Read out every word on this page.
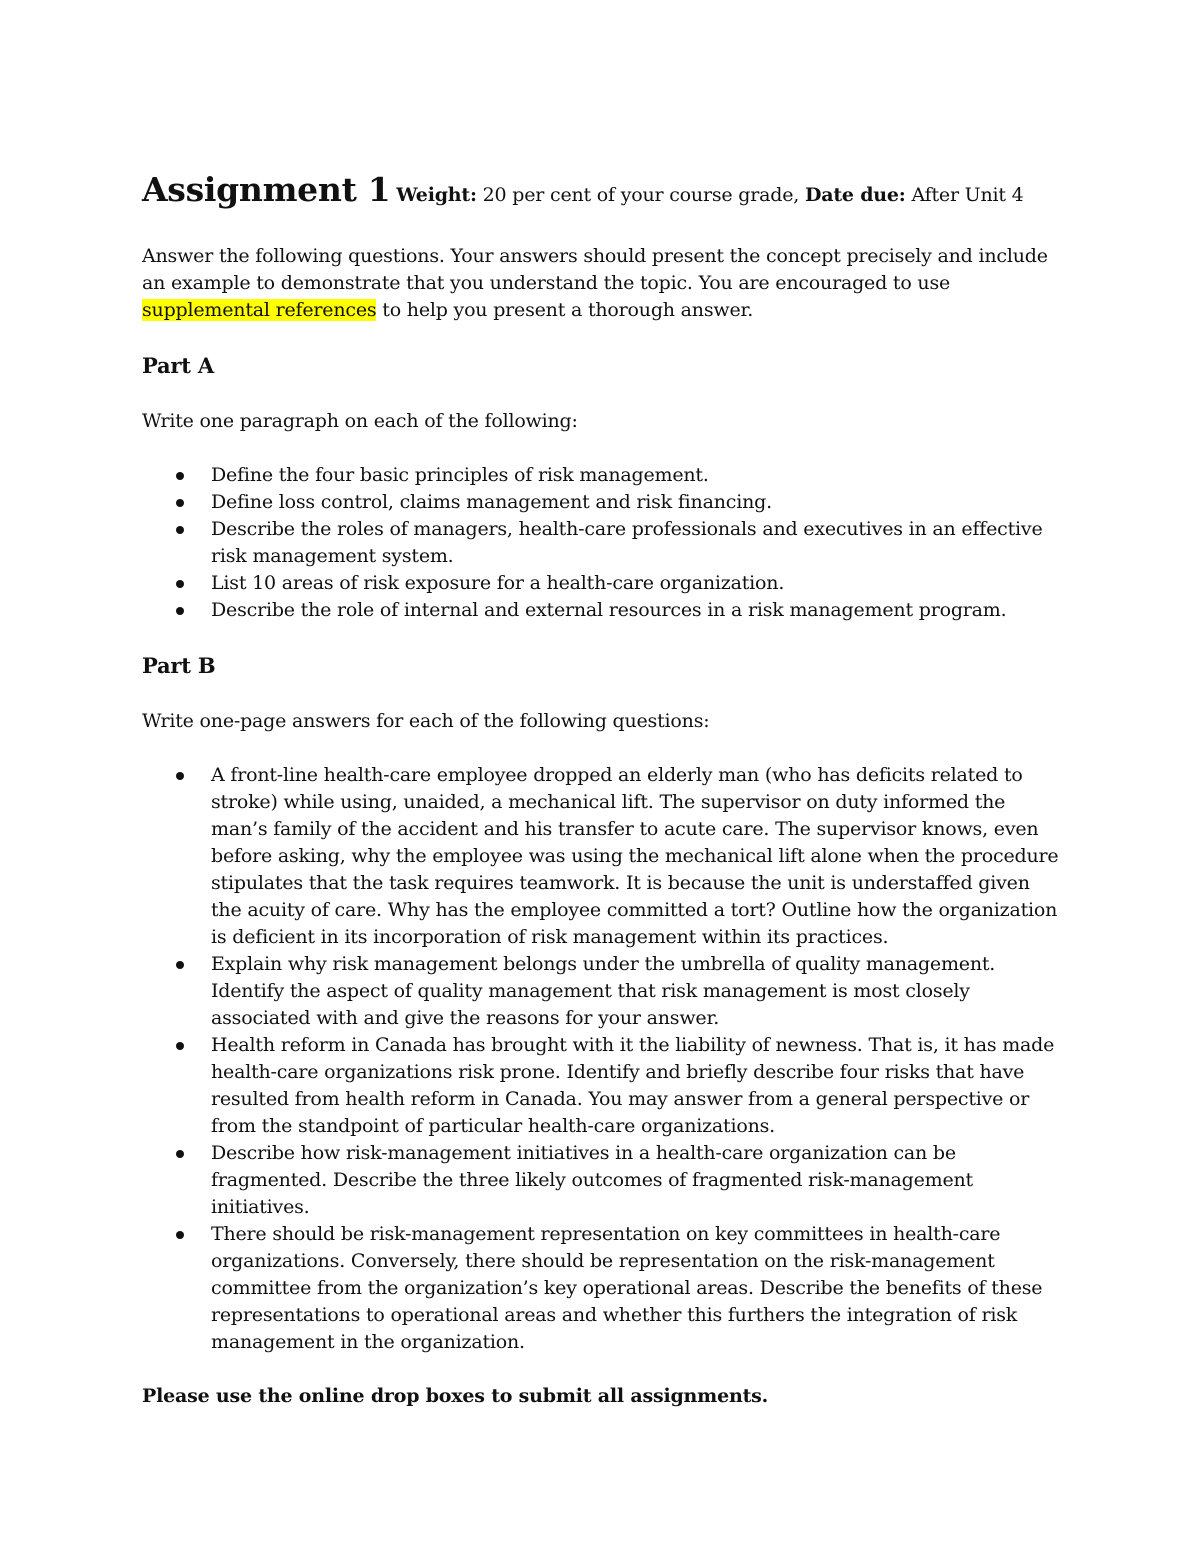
Assignment 1 Weight: 20 per cent of your course grade, Date due: After Unit 4

Answer the following questions. Your answers should present the concept precisely and include an example to demonstrate that you understand the topic. You are encouraged to use supplemental references to help you present a thorough answer.

Part A

Write one paragraph on each of the following:

Define the four basic principles of risk management.
Define loss control, claims management and risk financing.
Describe the roles of managers, health-care professionals and executives in an effective risk management system.
List 10 areas of risk exposure for a health-care organization.
Describe the role of internal and external resources in a risk management program.
Part B

Write one-page answers for each of the following questions:

A front-line health-care employee dropped an elderly man (who has deficits related to stroke) while using, unaided, a mechanical lift. The supervisor on duty informed the man’s family of the accident and his transfer to acute care. The supervisor knows, even before asking, why the employee was using the mechanical lift alone when the procedure stipulates that the task requires teamwork. It is because the unit is understaffed given the acuity of care. Why has the employee committed a tort? Outline how the organization is deficient in its incorporation of risk management within its practices.
Explain why risk management belongs under the umbrella of quality management. Identify the aspect of quality management that risk management is most closely associated with and give the reasons for your answer.
Health reform in Canada has brought with it the liability of newness. That is, it has made health-care organizations risk prone. Identify and briefly describe four risks that have resulted from health reform in Canada. You may answer from a general perspective or from the standpoint of particular health-care organizations.
Describe how risk-management initiatives in a health-care organization can be fragmented. Describe the three likely outcomes of fragmented risk-management initiatives.
There should be risk-management representation on key committees in health-care organizations. Conversely, there should be representation on the risk-management committee from the organization’s key operational areas. Describe the benefits of these representations to operational areas and whether this furthers the integration of risk management in the organization.

Please use the online drop boxes to submit all assignments.
